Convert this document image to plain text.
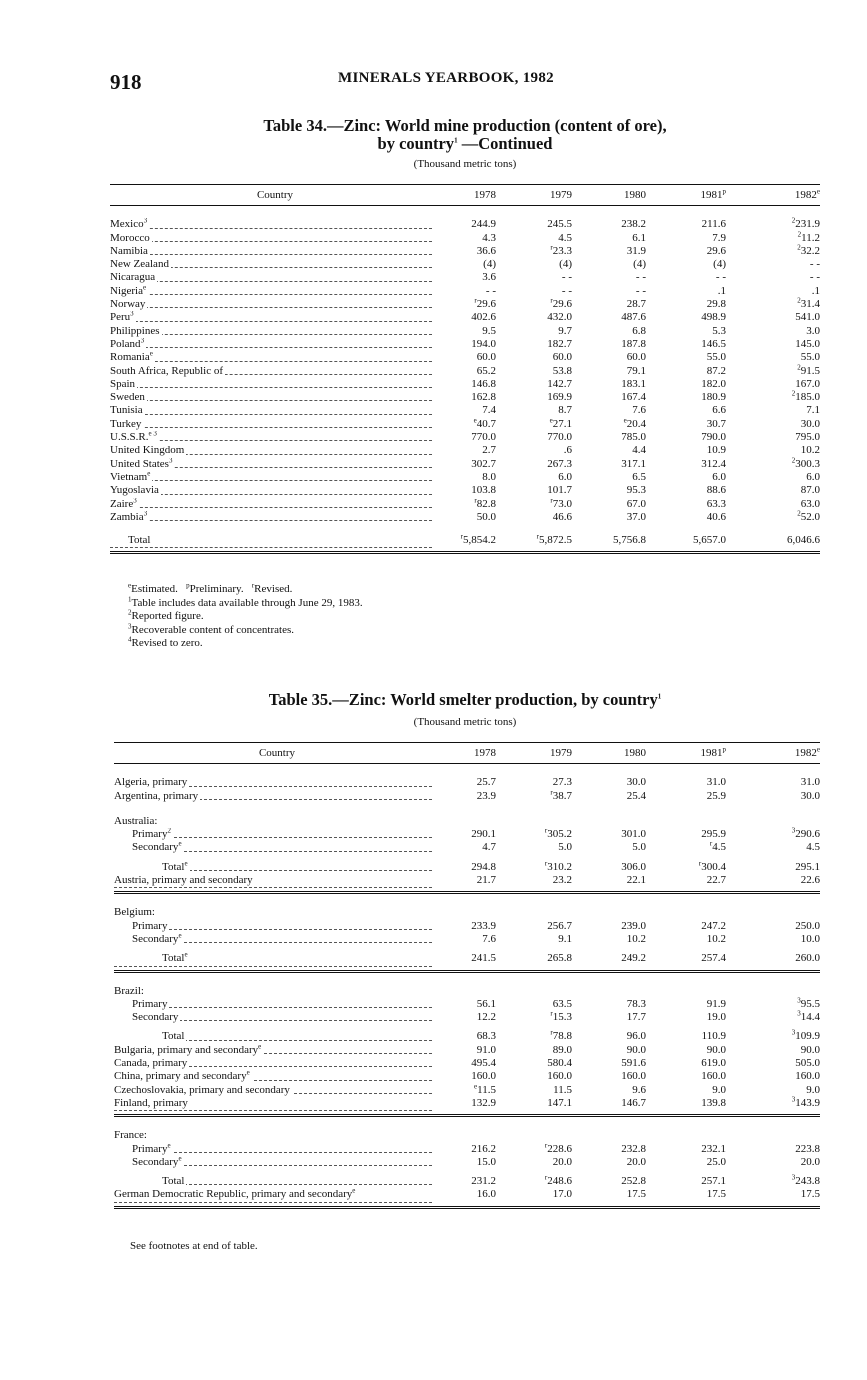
918	MINERALS YEARBOOK, 1982
Table 34.—Zinc: World mine production (content of ore),
by country$^1$ —Continued
(Thousand metric tons)
Country	1978	1979	1980	1981$^p$	1982e

Mexico$^3$	244.9	245.5	238.2	211.6	$^2$231.9
Morocco	4.3	4.5	6.1	7.9	$^2$11.2
Namibia	36.6	$^r$23.3	31.9	29.6	$^2$32.2
New Zealand	(4)	(4)	(4)	(4)	- -
Nicaragua	3.6	- -	- -	- -	- -
Nigeria$^e$	- -	- -	- -	.1	.1
Norway	$^r$29.6	$^r$29.6	28.7	29.8	$^2$31.4
Peru$^3$	402.6	432.0	487.6	498.9	541.0
Philippines	9.5	9.7	6.8	5.3	3.0
Poland$^3$	194.0	182.7	187.8	146.5	145.0
Romania$^e$	60.0	60.0	60.0	55.0	55.0
South Africa, Republic of	65.2	53.8	79.1	87.2	$^2$91.5
Spain	146.8	142.7	183.1	182.0	167.0
Sweden	162.8	169.9	167.4	180.9	$^2$185.0
Tunisia	7.4	8.7	7.6	6.6	7.1
Turkey	$^e$40.7	$^e$27.1	$^e$20.4	30.7	30.0
U.S.S.R.$^{e 3}$	770.0	770.0	785.0	790.0	795.0
United Kingdom	2.7	.6	4.4	10.9	10.2
United States$^3$	302.7	267.3	317.1	312.4	$^2$300.3
Vietnam$^e$	8.0	6.0	6.5	6.0	6.0
Yugoslavia	103.8	101.7	95.3	88.6	87.0
Zaire$^3$	$^r$82.8	$^r$73.0	67.0	63.3	63.0
Zambia$^3$	50.0	46.6	37.0	40.6	$^2$52.0

Total	$^r$5,854.2	$^r$5,872.5	5,756.8	5,657.0	6,046.6
$^e$Estimated. $^p$Preliminary. $^r$Revised.
$^1$Table includes data available through June 29, 1983.
$^2$Reported figure.
$^3$Recoverable content of concentrates.
$^4$Revised to zero.
Table 35.—Zinc: World smelter production, by country$^1$
(Thousand metric tons)
Country	1978	1979	1980	1981$^p$	1982e

Algeria, primary	25.7	27.3	30.0	31.0	31.0
Argentina, primary	23.9	$^r$38.7	25.4	25.9	30.0

Australia:					
Primary$^2$	290.1	$^r$305.2	301.0	295.9	$^3$290.6
Secondary$^e$	4.7	5.0	5.0	$^r$4.5	4.5

Total$^e$	294.8	$^r$310.2	306.0	$^r$300.4	295.1
Austria, primary and secondary	21.7	23.2	22.1	22.7	22.6

Belgium:					
Primary	233.9	256.7	239.0	247.2	250.0
Secondary$^e$	7.6	9.1	10.2	10.2	10.0

Total$^e$	241.5	265.8	249.2	257.4	260.0

Brazil:					
Primary	56.1	63.5	78.3	91.9	$^3$95.5
Secondary	12.2	$^r$15.3	17.7	19.0	$^3$14.4

Total	68.3	$^r$78.8	96.0	110.9	$^3$109.9
Bulgaria, primary and secondary$^e$	91.0	89.0	90.0	90.0	90.0
Canada, primary	495.4	580.4	591.6	619.0	505.0
China, primary and secondary$^e$	160.0	160.0	160.0	160.0	160.0
Czechoslovakia, primary and secondary	$^e$11.5	11.5	9.6	9.0	9.0
Finland, primary	132.9	147.1	146.7	139.8	$^3$143.9

France:					
Primary$^e$	216.2	$^r$228.6	232.8	232.1	223.8
Secondary$^e$	15.0	20.0	20.0	25.0	20.0

Total	231.2	$^r$248.6	252.8	257.1	$^3$243.8
German Democratic Republic, primary and secondary$^e$	16.0	17.0	17.5	17.5	17.5
See footnotes at end of table.
